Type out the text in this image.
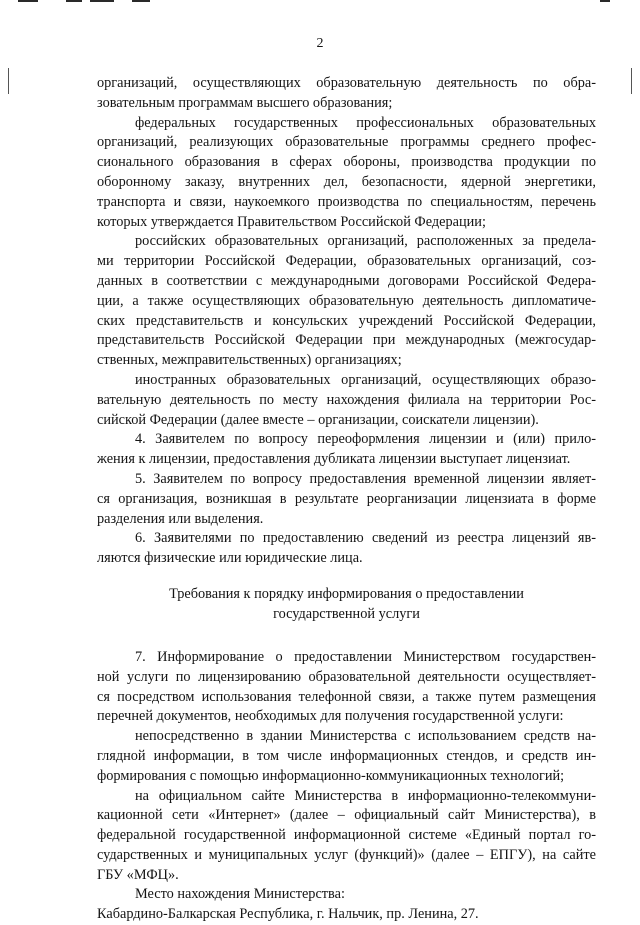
2
организаций, осуществляющих образовательную деятельность по обра-
зовательным программам высшего образования;
федеральных государственных профессиональных образовательных
организаций, реализующих образовательные программы среднего профес-
сионального образования в сферах обороны, производства продукции по
оборонному заказу, внутренних дел, безопасности, ядерной энергетики,
транспорта и связи, наукоемкого производства по специальностям, перечень
которых утверждается Правительством Российской Федерации;
российских образовательных организаций, расположенных за предела-
ми территории Российской Федерации, образовательных организаций, соз-
данных в соответствии с международными договорами Российской Федера-
ции, а также осуществляющих образовательную деятельность дипломатиче-
ских представительств и консульских учреждений Российской Федерации,
представительств Российской Федерации при международных (межгосудар-
ственных, межправительственных) организациях;
иностранных образовательных организаций, осуществляющих образо-
вательную деятельность по месту нахождения филиала на территории Рос-
сийской Федерации (далее вместе – организации, соискатели лицензии).
4. Заявителем по вопросу переоформления лицензии и (или) прило-
жения к лицензии, предоставления дубликата лицензии выступает лицензиат.
5. Заявителем по вопросу предоставления временной лицензии являет-
ся организация, возникшая в результате реорганизации лицензиата в форме
разделения или выделения.
6. Заявителями по предоставлению сведений из реестра лицензий яв-
ляются физические или юридические лица.
Требования к порядку информирования о предоставлении
государственной услуги
7. Информирование о предоставлении Министерством государствен-
ной услуги по лицензированию образовательной деятельности осуществляет-
ся посредством использования телефонной связи, а также путем размещения
перечней документов, необходимых для получения государственной услуги:
непосредственно в здании Министерства с использованием средств на-
глядной информации, в том числе информационных стендов, и средств ин-
формирования с помощью информационно-коммуникационных технологий;
на официальном сайте Министерства в информационно-телекоммуни-
кационной сети «Интернет» (далее – официальный сайт Министерства), в
федеральной государственной информационной системе «Единый портал го-
сударственных и муниципальных услуг (функций)» (далее – ЕПГУ), на сайте
ГБУ «МФЦ».
Место нахождения Министерства:
Кабардино-Балкарская Республика, г. Нальчик, пр. Ленина, 27.
